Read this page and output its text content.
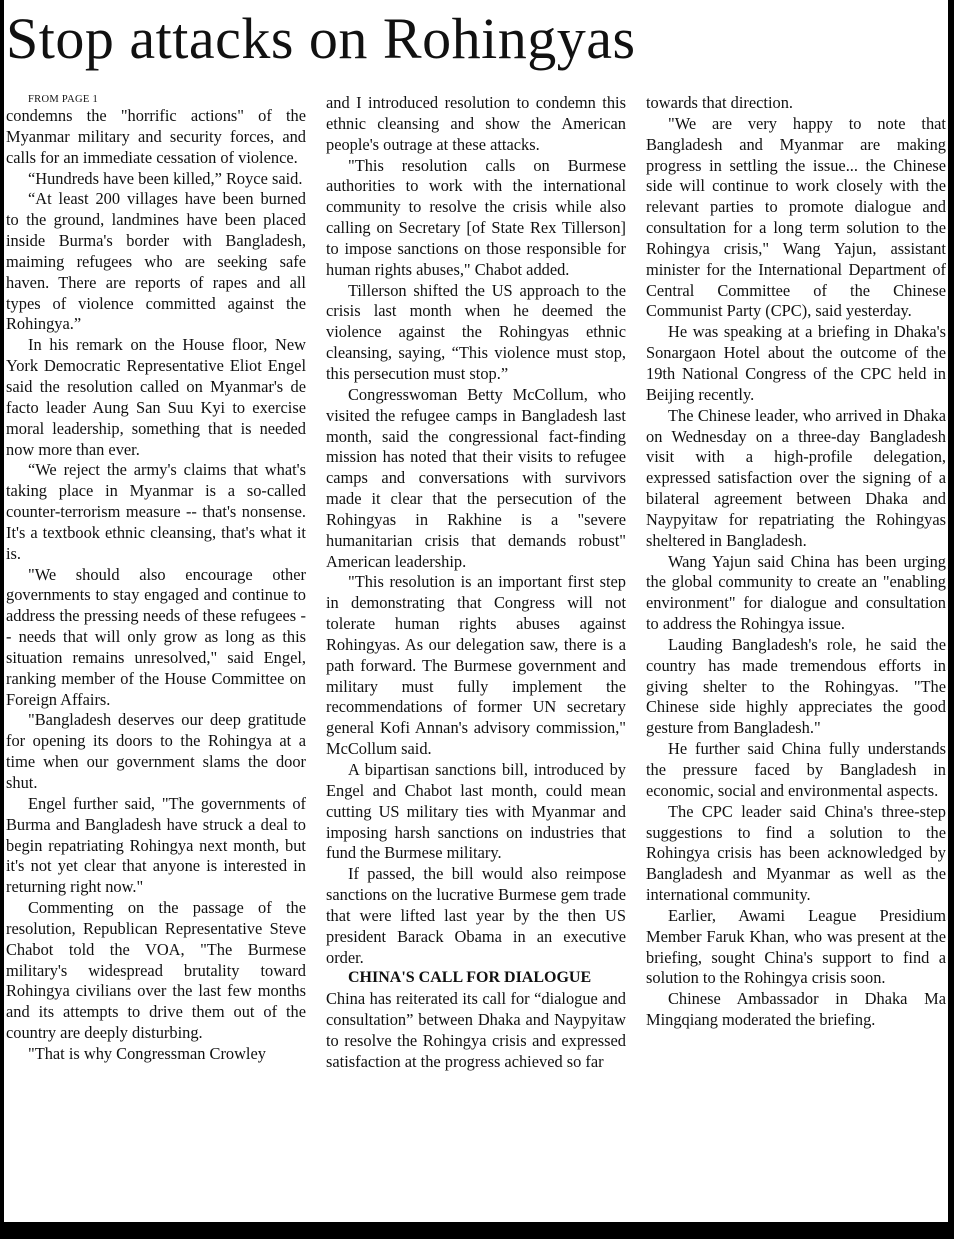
Stop attacks on Rohingyas

FROM PAGE 1

condemns the "horrific actions" of the Myanmar military and security forces, and calls for an immediate cessation of violence.

“Hundreds have been killed,” Royce said.

“At least 200 villages have been burned to the ground, landmines have been placed inside Burma's border with Bangladesh, maiming refugees who are seeking safe haven. There are reports of rapes and all types of violence committed against the Rohingya.”

In his remark on the House floor, New York Democratic Representative Eliot Engel said the resolution called on Myanmar's de facto leader Aung San Suu Kyi to exercise moral leadership, something that is needed now more than ever.

“We reject the army's claims that what's taking place in Myanmar is a so-called counter-terrorism measure -- that's nonsense. It's a textbook ethnic cleansing, that's what it is.

"We should also encourage other governments to stay engaged and continue to address the pressing needs of these refugees -- needs that will only grow as long as this situation remains unresolved," said Engel, ranking member of the House Committee on Foreign Affairs.

"Bangladesh deserves our deep gratitude for opening its doors to the Rohingya at a time when our government slams the door shut.

Engel further said, "The governments of Burma and Bangladesh have struck a deal to begin repatriating Rohingya next month, but it's not yet clear that anyone is interested in returning right now."

Commenting on the passage of the resolution, Republican Representative Steve Chabot told the VOA, "The Burmese military's widespread brutality toward Rohingya civilians over the last few months and its attempts to drive them out of the country are deeply disturbing.

"That is why Congressman Crowley

and I introduced resolution to condemn this ethnic cleansing and show the American people's outrage at these attacks.

"This resolution calls on Burmese authorities to work with the international community to resolve the crisis while also calling on Secretary [of State Rex Tillerson] to impose sanctions on those responsible for human rights abuses," Chabot added.

Tillerson shifted the US approach to the crisis last month when he deemed the violence against the Rohingyas ethnic cleansing, saying, “This violence must stop, this persecution must stop.”

Congresswoman Betty McCollum, who visited the refugee camps in Bangladesh last month, said the congressional fact-finding mission has noted that their visits to refugee camps and conversations with survivors made it clear that the persecution of the Rohingyas in Rakhine is a "severe humanitarian crisis that demands robust" American leadership.

"This resolution is an important first step in demonstrating that Congress will not tolerate human rights abuses against Rohingyas. As our delegation saw, there is a path forward. The Burmese government and military must fully implement the recommendations of former UN secretary general Kofi Annan's advisory commission," McCollum said.

A bipartisan sanctions bill, introduced by Engel and Chabot last month, could mean cutting US military ties with Myanmar and imposing harsh sanctions on industries that fund the Burmese military.

If passed, the bill would also reimpose sanctions on the lucrative Burmese gem trade that were lifted last year by the then US president Barack Obama in an executive order.

CHINA'S CALL FOR DIALOGUE

China has reiterated its call for “dialogue and consultation” between Dhaka and Naypyitaw to resolve the Rohingya crisis and expressed satisfaction at the progress achieved so far

towards that direction.

"We are very happy to note that Bangladesh and Myanmar are making progress in settling the issue... the Chinese side will continue to work closely with the relevant parties to promote dialogue and consultation for a long term solution to the Rohingya crisis," Wang Yajun, assistant minister for the International Department of Central Committee of the Chinese Communist Party (CPC), said yesterday.

He was speaking at a briefing in Dhaka's Sonargaon Hotel about the outcome of the 19th National Congress of the CPC held in Beijing recently.

The Chinese leader, who arrived in Dhaka on Wednesday on a three-day Bangladesh visit with a high-profile delegation, expressed satisfaction over the signing of a bilateral agreement between Dhaka and Naypyitaw for repatriating the Rohingyas sheltered in Bangladesh.

Wang Yajun said China has been urging the global community to create an "enabling environment" for dialogue and consultation to address the Rohingya issue.

Lauding Bangladesh's role, he said the country has made tremendous efforts in giving shelter to the Rohingyas. "The Chinese side highly appreciates the good gesture from Bangladesh."

He further said China fully understands the pressure faced by Bangladesh in economic, social and environmental aspects.

The CPC leader said China's three-step suggestions to find a solution to the Rohingya crisis has been acknowledged by Bangladesh and Myanmar as well as the international community.

Earlier, Awami League Presidium Member Faruk Khan, who was present at the briefing, sought China's support to find a solution to the Rohingya crisis soon.

Chinese Ambassador in Dhaka Ma Mingqiang moderated the briefing.
